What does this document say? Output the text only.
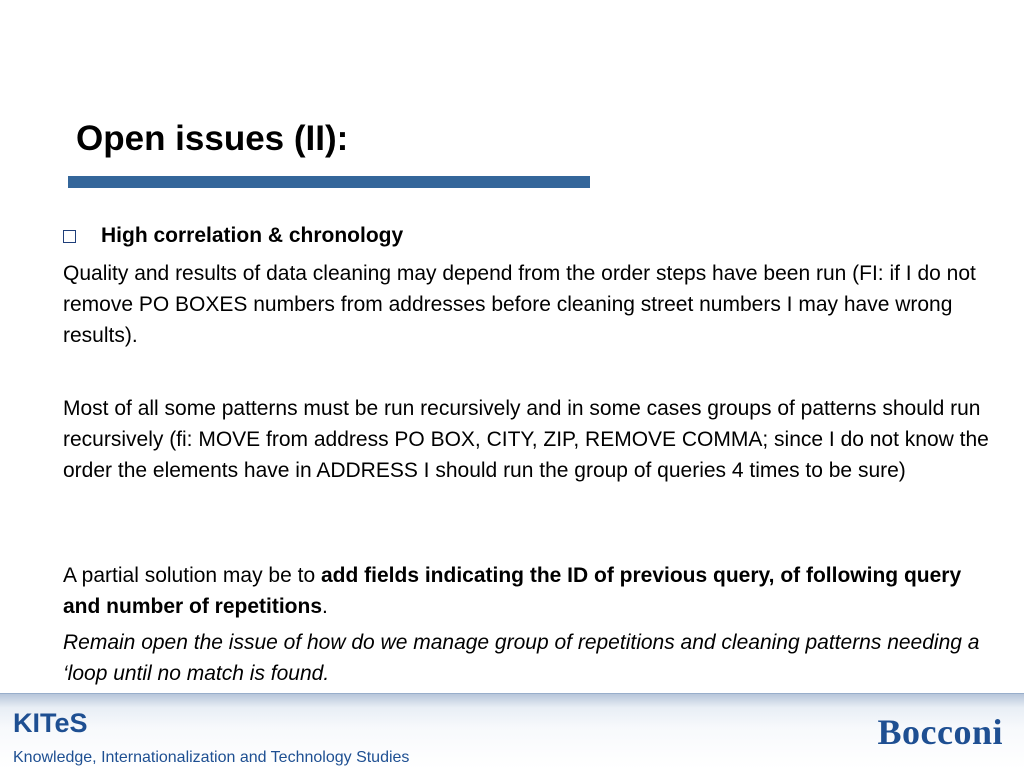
Open issues (II):
High correlation & chronology

Quality and results of data cleaning may depend from the order steps have been run (FI: if I do not remove PO BOXES numbers from addresses before cleaning street numbers I may have wrong results).

Most of all some patterns must be run recursively and in some cases groups of patterns should run recursively (fi: MOVE from address PO BOX, CITY, ZIP, REMOVE COMMA; since I do not know the order the elements have in ADDRESS I should run the group of queries 4 times to be sure)

A partial solution may be to add fields indicating the ID of previous query, of following query and number of repetitions.

Remain open the issue of how do we manage group of repetitions and cleaning patterns needing a ‘loop until no match is found.

KITeS
Knowledge, Internationalization and Technology Studies
Bocconi
